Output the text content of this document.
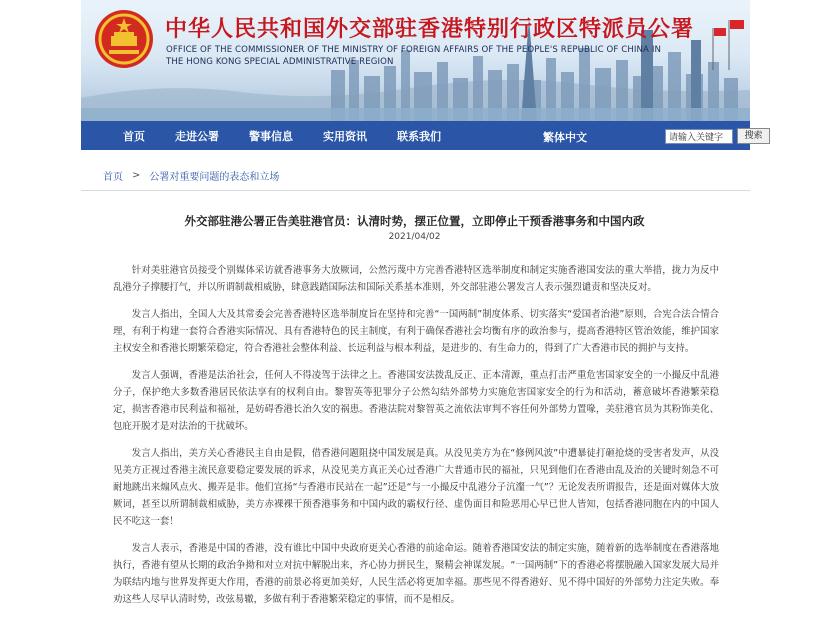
中华人民共和国外交部驻香港特别行政区特派员公署
OFFICE OF THE COMMISSIONER OF THE MINISTRY OF FOREIGN AFFAIRS OF THE PEOPLE'S REPUBLIC OF CHINA IN
THE HONG KONG SPECIAL ADMINISTRATIVE REGION
首页	走进公署	警事信息	实用资讯	联系我们	繁体中文
请输入关键字	搜索
首页 > 公署对重要问题的表态和立场
外交部驻港公署正告美驻港官员：认清时势，摆正位置，立即停止干预香港事务和中国内政
2021/04/02

针对美驻港官员接受个别媒体采访就香港事务大放厥词，公然污蔑中方完善香港特区选举制度和制定实施香港国安法的重大举措，拢力为反中乱港分子撑腰打气，并以所谓制裁相威胁，肆意践踏国际法和国际关系基本准则，外交部驻港公署发言人表示强烈谴责和坚决反对。

发言人指出，全国人大及其常委会完善香港特区选举制度旨在坚持和完善“一国两制”制度体系、切实落实“爱国者治港”原则，合宪合法合情合理，有利于构建一套符合香港实际情况、具有香港特色的民主制度，有利于确保香港社会均衡有序的政治参与，提高香港特区管治效能，维护国家主权安全和香港长期繁荣稳定，符合香港社会整体利益、长远利益与根本利益，是进步的、有生命力的，得到了广大香港市民的拥护与支持。

发言人强调，香港是法治社会，任何人不得凌驾于法律之上。香港国安法拨乱反正、正本清源，重点打击严重危害国家安全的一小撮反中乱港分子，保护绝大多数香港居民依法享有的权利自由。黎智英等犯罪分子公然勾结外部势力实施危害国家安全的行为和活动，蓄意破坏香港繁荣稳定，损害香港市民利益和福祉，是妨碍香港长治久安的祸患。香港法院对黎智英之流依法审判不容任何外部势力置喙，美驻港官员为其粉饰美化、包庇开脱才是对法治的干扰破坏。

发言人指出，美方关心香港民主自由是假，借香港问题阻挠中国发展是真。从没见美方为在“修例风波”中遭暴徒打砸抢烧的受害者发声，从没见美方正视过香港主流民意要稳定要发展的诉求，从没见美方真正关心过香港广大普通市民的福祉，只见到他们在香港由乱及治的关键时刻急不可耐地跳出来煽风点火、搬弄是非。他们宣扬“与香港市民站在一起”还是“与一小撮反中乱港分子沆瀣一气”？无论发表所谓报告，还是面对媒体大放厥词，甚至以所谓制裁相威胁，美方赤裸裸干预香港事务和中国内政的霸权行径、虚伪面目和险恶用心早已世人皆知，包括香港同胞在内的中国人民不吃这一套！

发言人表示，香港是中国的香港，没有谁比中国中央政府更关心香港的前途命运。随着香港国安法的制定实施，随着新的选举制度在香港落地执行，香港有望从长期的政治争拗和对立对抗中解脱出来，齐心协力拼民生，聚精会神谋发展。“一国两制”下的香港必将摆脱融入国家发展大局并为联结内地与世界发挥更大作用，香港的前景必将更加美好，人民生活必将更加幸福。那些见不得香港好、见不得中国好的外部势力注定失败。奉劝这些人尽早认清时势，改弦易辙，多做有利于香港繁荣稳定的事情，而不是相反。
